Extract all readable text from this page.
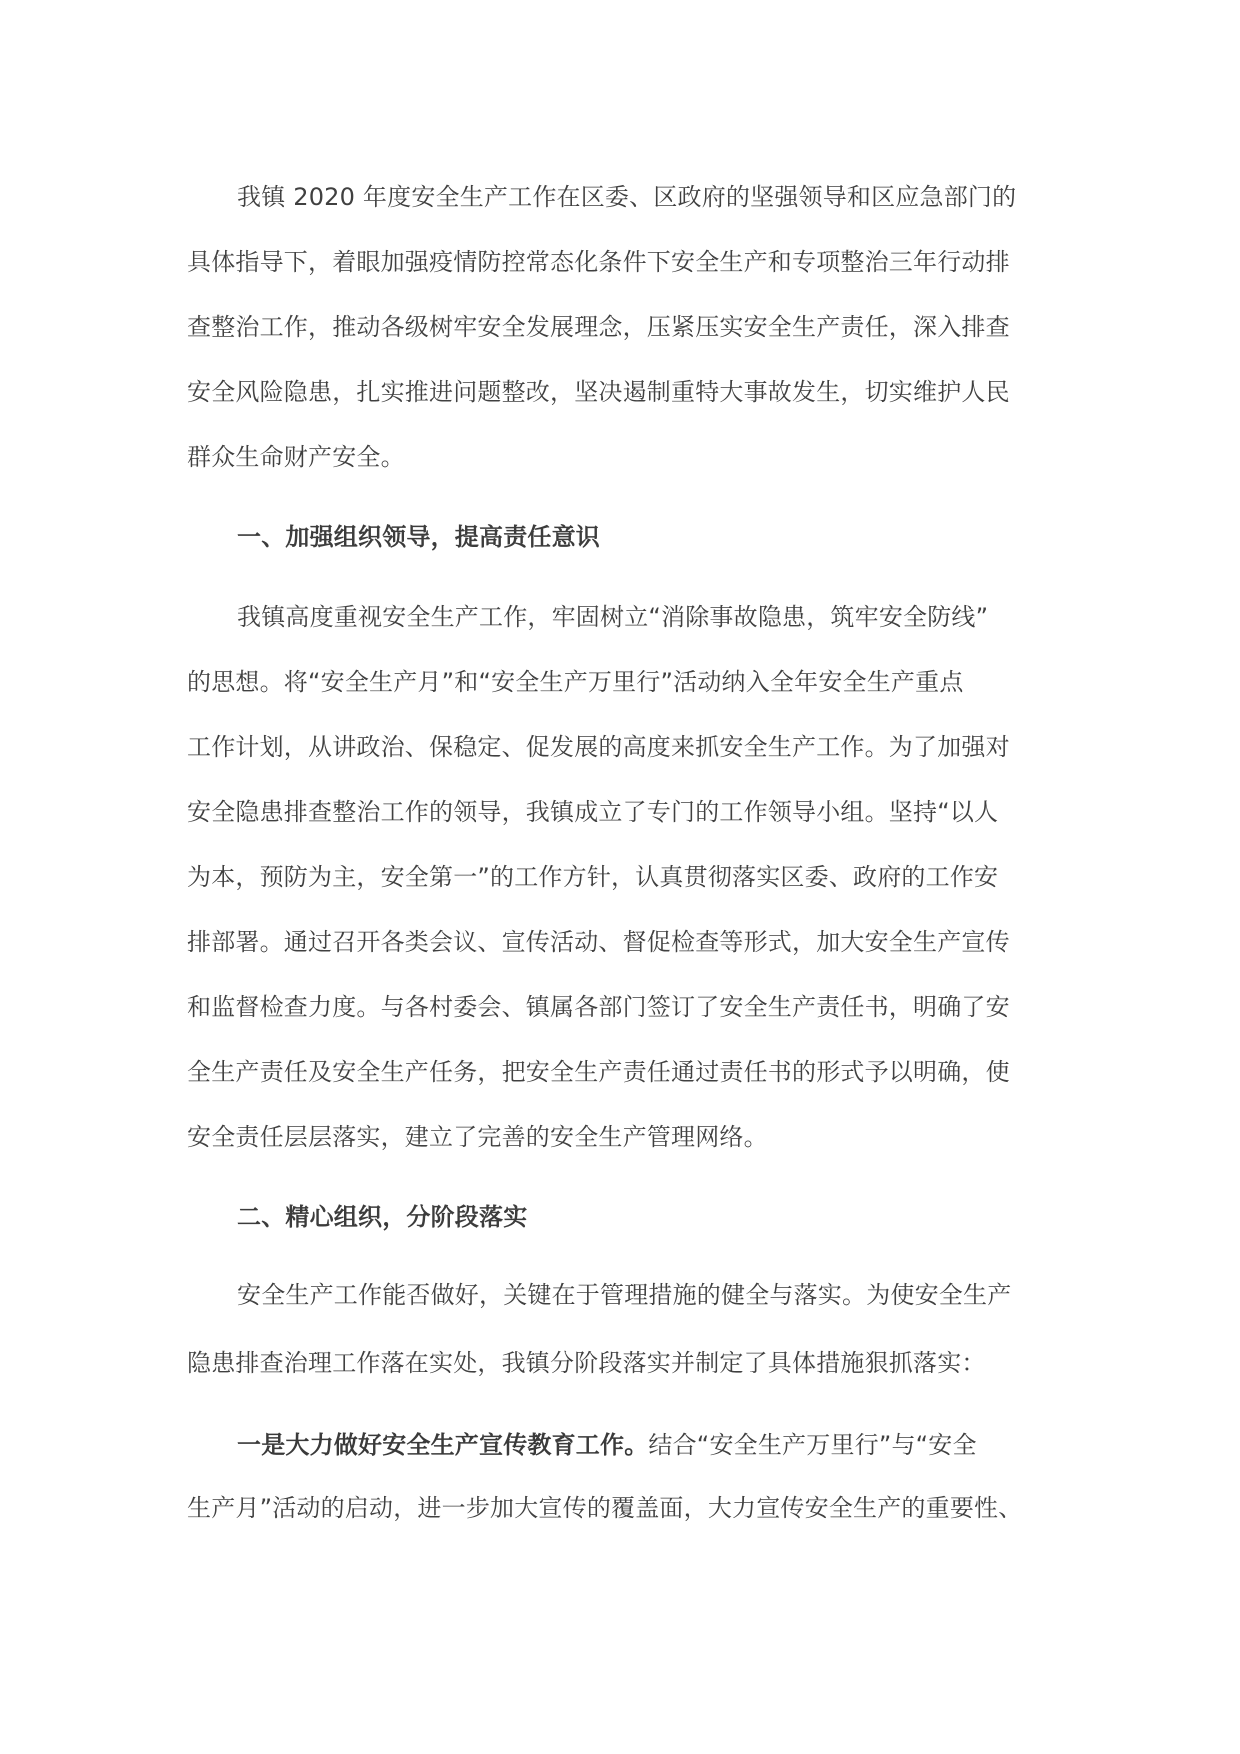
我镇 2020 年度安全生产工作在区委、区政府的坚强领导和区应急部门的
具体指导下，着眼加强疫情防控常态化条件下安全生产和专项整治三年行动排
查整治工作，推动各级树牢安全发展理念，压紧压实安全生产责任，深入排查
安全风险隐患，扎实推进问题整改，坚决遏制重特大事故发生，切实维护人民
群众生命财产安全。
一、加强组织领导，提高责任意识
我镇高度重视安全生产工作，牢固树立“消除事故隐患，筑牢安全防线”
的思想。将“安全生产月”和“安全生产万里行”活动纳入全年安全生产重点
工作计划，从讲政治、保稳定、促发展的高度来抓安全生产工作。为了加强对
安全隐患排查整治工作的领导，我镇成立了专门的工作领导小组。坚持“以人
为本，预防为主，安全第一”的工作方针，认真贯彻落实区委、政府的工作安
排部署。通过召开各类会议、宣传活动、督促检查等形式，加大安全生产宣传
和监督检查力度。与各村委会、镇属各部门签订了安全生产责任书，明确了安
全生产责任及安全生产任务，把安全生产责任通过责任书的形式予以明确，使
安全责任层层落实，建立了完善的安全生产管理网络。
二、精心组织，分阶段落实
安全生产工作能否做好，关键在于管理措施的健全与落实。为使安全生产
隐患排查治理工作落在实处，我镇分阶段落实并制定了具体措施狠抓落实：
一是大力做好安全生产宣传教育工作。结合“安全生产万里行”与“安全
生产月”活动的启动，进一步加大宣传的覆盖面，大力宣传安全生产的重要性、
